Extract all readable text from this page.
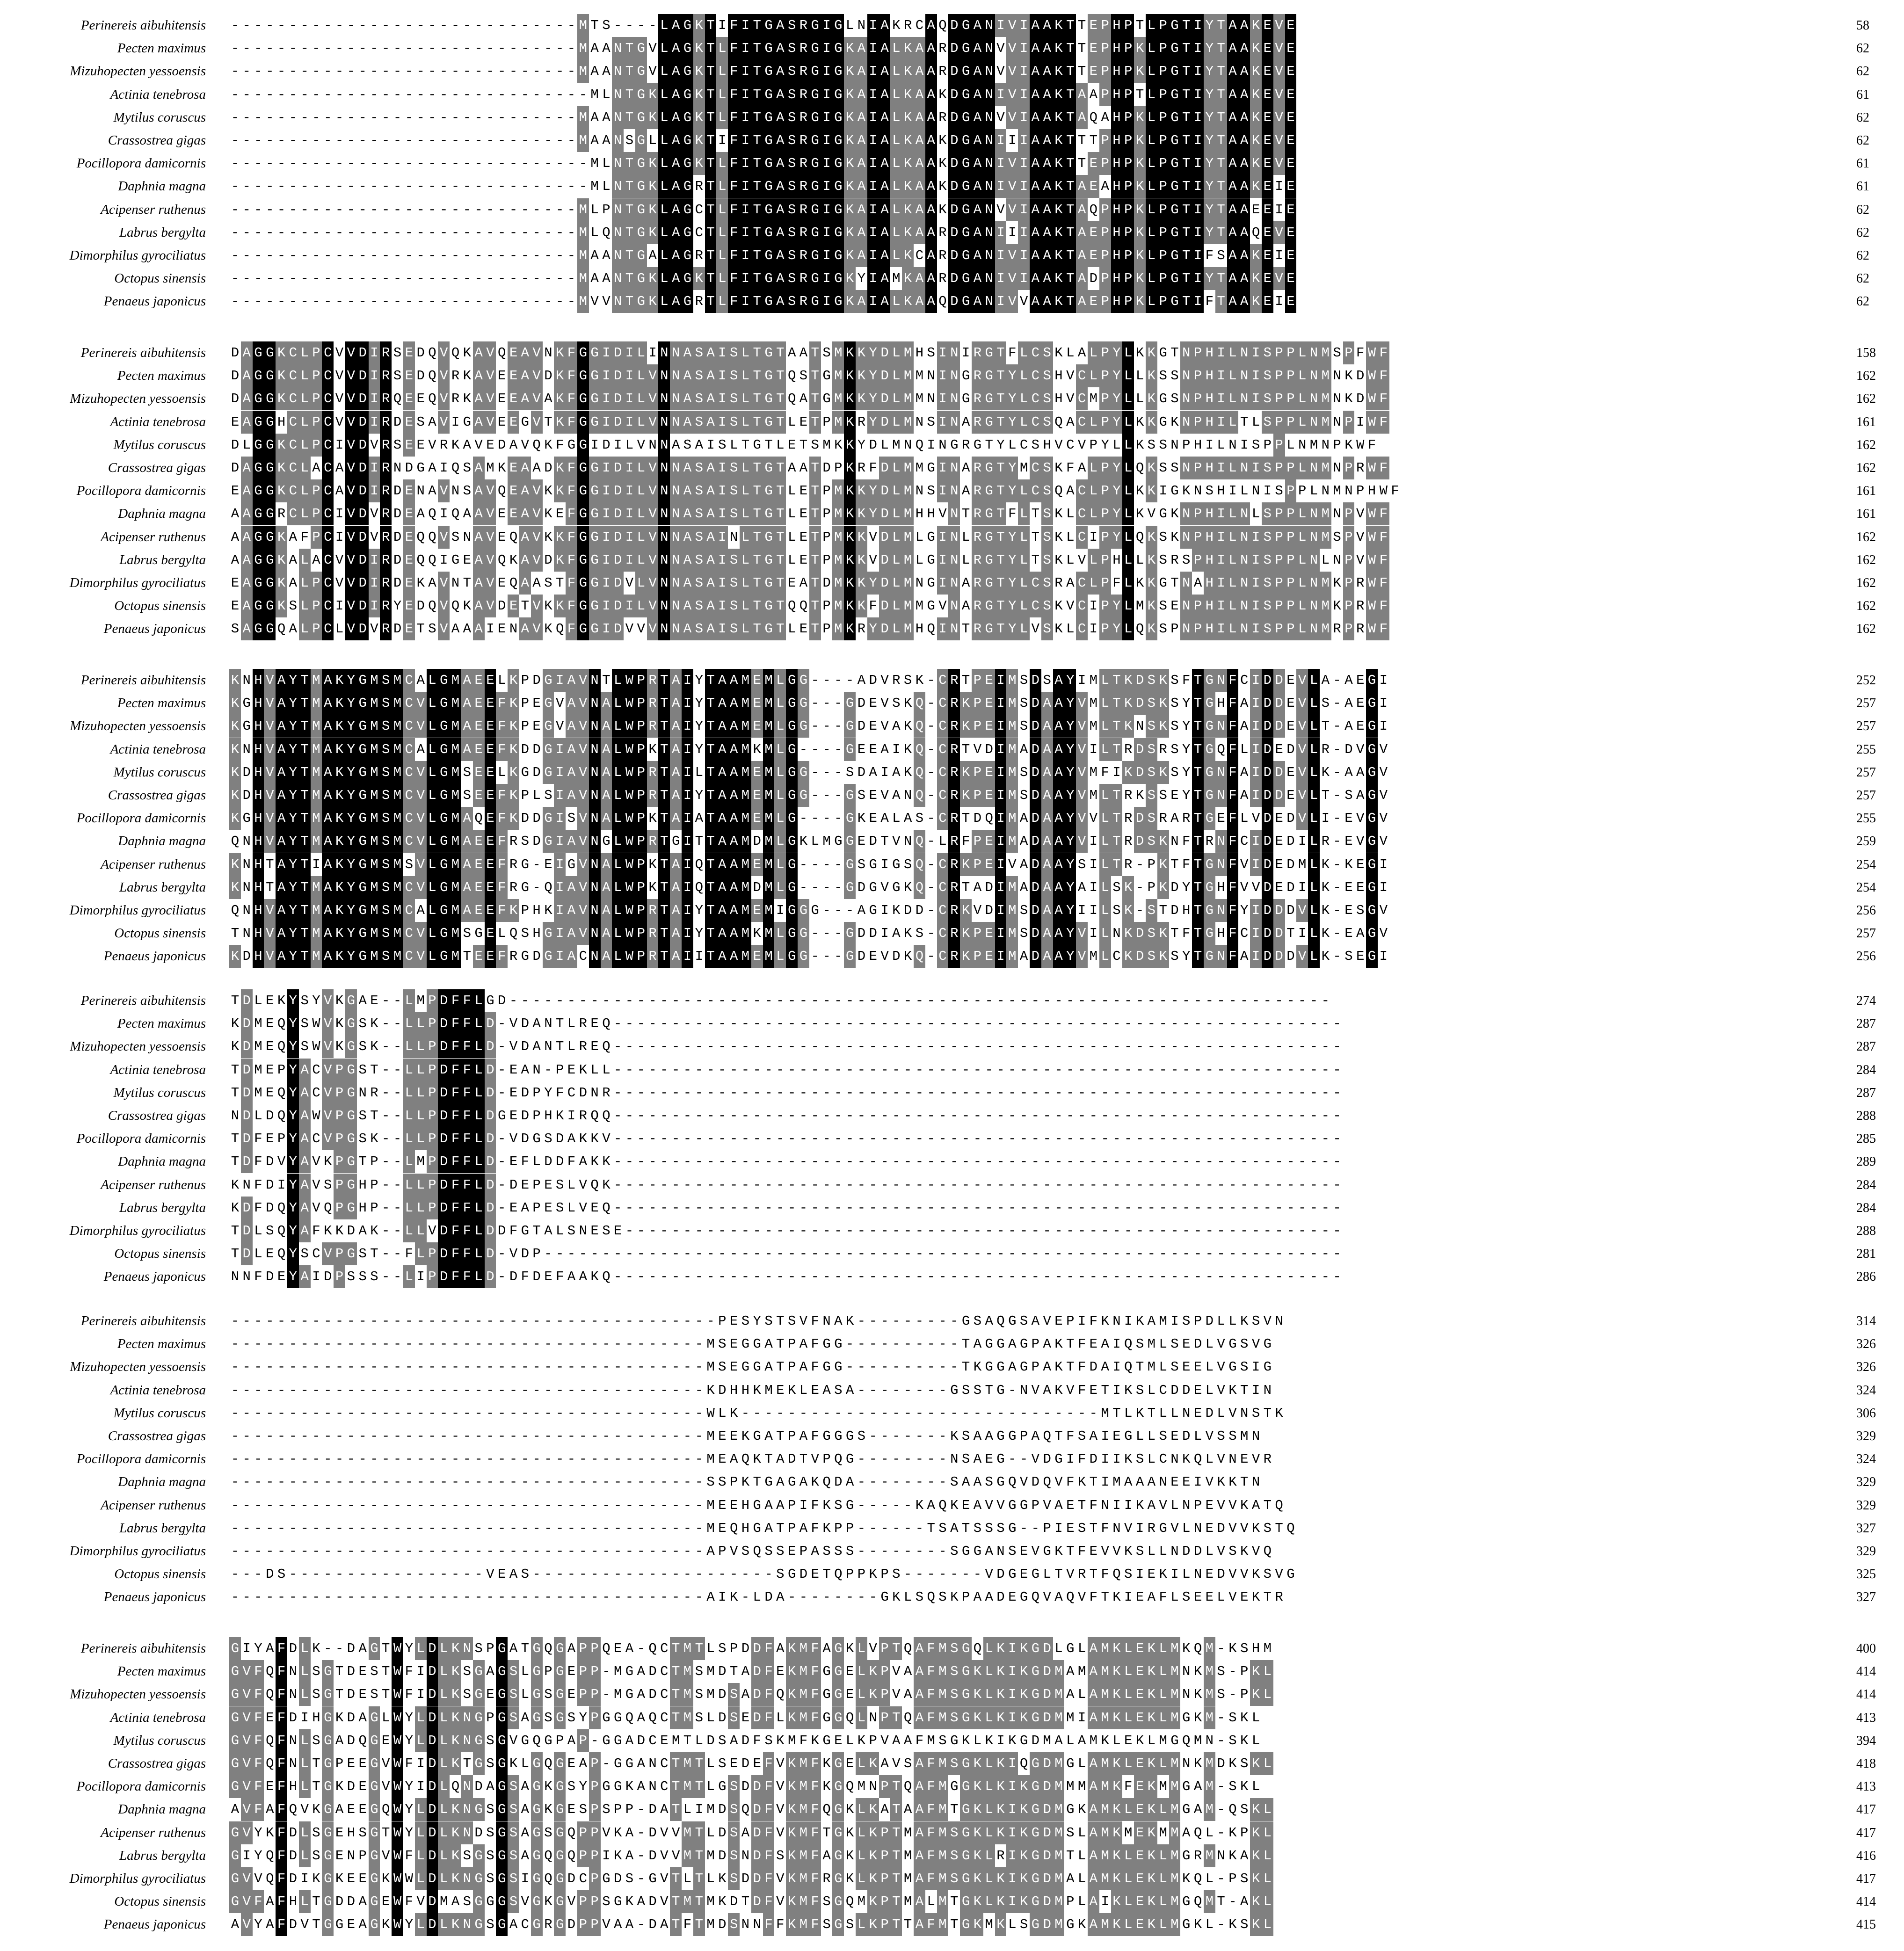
Perinereis aibuhitensis - - - - - - - - - - - - - - - - - - - - - - - - - - - - - - M T S - - - - L A G K T I F I T G A S R G I G L N I A K R C A Q D G A N I V I A A K T T E P H P T L P G T I Y T A A K E V E	58
Pecten maximus - - - - - - - - - - - - - - - - - - - - - - - - - - - - - - M A A N T G V L A G K T L F I T G A S R G I G K A I A L K A A R D G A N V V I A A K T T E P H P K L P G T I Y T A A K E V E	62
Mizuhopecten yessoensis - - - - - - - - - - - - - - - - - - - - - - - - - - - - - - M A A N T G V L A G K T L F I T G A S R G I G K A I A L K A A R D G A N V V I A A K T T E P H P K L P G T I Y T A A K E V E	62
Actinia tenebrosa - - - - - - - - - - - - - - - - - - - - - - - - - - - - - - - M L N T G K L A G K T L F I T G A S R G I G K A I A L K A A K D G A N I V I A A K T A A P H P T L P G T I Y T A A K E V E	61
Mytilus coruscus - - - - - - - - - - - - - - - - - - - - - - - - - - - - - - M A A N T G K L A G K T L F I T G A S R G I G K A I A L K A A R D G A N V V I A A K T A Q A H P K L P G T I Y T A A K E V E	62
Crassostrea gigas - - - - - - - - - - - - - - - - - - - - - - - - - - - - - - M A A N S G L L A G K T I F I T G A S R G I G K A I A L K A A K D G A N I I I A A K T T T P H P K L P G T I Y T A A K E V E	62
Pocillopora damicornis - - - - - - - - - - - - - - - - - - - - - - - - - - - - - - - M L N T G K L A G K T L F I T G A S R G I G K A I A L K A A K D G A N I V I A A K T T E P H P K L P G T I Y T A A K E V E	61
Daphnia magna - - - - - - - - - - - - - - - - - - - - - - - - - - - - - - - M L N T G K L A G R T L F I T G A S R G I G K A I A L K A A K D G A N I V I A A K T A E A H P K L P G T I Y T A A K E I E	61
Acipenser ruthenus - - - - - - - - - - - - - - - - - - - - - - - - - - - - - - M L P N T G K L A G C T L F I T G A S R G I G K A I A L K A A K D G A N V V I A A K T A Q P H P K L P G T I Y T A A E E I E	62
Labrus bergylta - - - - - - - - - - - - - - - - - - - - - - - - - - - - - - M L Q N T G K L A G C T L F I T G A S R G I G K A I A L K A A R D G A N I I I A A K T A E P H P K L P G T I Y T A A Q E V E	62
Dimorphilus gyrociliatus - - - - - - - - - - - - - - - - - - - - - - - - - - - - - - M A A N T G A L A G R T L F I T G A S R G I G K A I A L K C A R D G A N I V I A A K T A E P H P K L P G T I F S A A K E I E	62
Octopus sinensis - - - - - - - - - - - - - - - - - - - - - - - - - - - - - - M A A N T G K L A G K T L F I T G A S R G I G K Y I A M K A A R D G A N I V I A A K T A D P H P K L P G T I Y T A A K E V E	62
Penaeus japonicus - - - - - - - - - - - - - - - - - - - - - - - - - - - - - - M V V N T G K L A G R T L F I T G A S R G I G K A I A L K A A Q D G A N I V V A A K T A E P H P K L P G T I F T A A K E I E	62
Perinereis aibuhitensis D A G G K C L P C V V D I R S E D Q V Q K A V Q E A V N K F G G I D I L I N N A S A I S L T G T A A T S M K K Y D L M H S I N I R G T F L C S K L A L P Y L K K G T N P H I L N I S P P L N M S P F W F	158
Pecten maximus D A G G K C L P C V V D I R S E D Q V R K A V E E A V D K F G G I D I L V N N A S A I S L T G T Q S T G M K K Y D L M M N I N G R G T Y L C S H V C L P Y L L K S S N P H I L N I S P P L N M N K D W F	162
Mizuhopecten yessoensis D A G G K C L P C V V D I R Q E E Q V R K A V E E A V A K F G G I D I L V N N A S A I S L T G T Q A T G M K K Y D L M M N I N G R G T Y L C S H V C M P Y L L K G S N P H I L N I S P P L N M N K D W F	162
Actinia tenebrosa E A G G H C L P C V V D I R D E S A V I G A V E E G V T K F G G I D I L V N N A S A I S L T G T L E T P M K R Y D L M N S I N A R G T Y L C S Q A C L P Y L K K G K N P H I L T L S P P L N M N P I W F	161
Mytilus coruscus D L G G K C L P C I V D V R S E E V R K A V E D A V Q K F G G I D I L V N N A S A I S L T G T L E T S M K K Y D L M N Q I N G R G T Y L C S H V C V P Y L L K S S N P H I L N I S P P L N M N P K W F	162
Crassostrea gigas D A G G K C L A C A V D I R N D G A I Q S A M K E A A D K F G G I D I L V N N A S A I S L T G T A A T D P K R F D L M M G I N A R G T Y M C S K F A L P Y L Q K S S N P H I L N I S P P L N M N P R W F	162
Pocillopora damicornis E A G G K C L P C A V D I R D E N A V N S A V Q E A V K K F G G I D I L V N N A S A I S L T G T L E T P M K K Y D L M N S I N A R G T Y L C S Q A C L P Y L K K I G K N S H I L N I S P P L N M N P H W F	161
Daphnia magna A A G G R C L P C I V D V R D E A Q I Q A A V E E A V K E F G G I D I L V N N A S A I S L T G T L E T P M K K Y D L M H H V N T R G T F L T S K L C L P Y L K V G K N P H I L N L S P P L N M N P V W F	161
Acipenser ruthenus A A G G K A F P C I V D V R D E Q Q V S N A V E Q A V K K F G G I D I L V N N A S A I N L T G T L E T P M K K V D L M L G I N L R G T Y L T S K L C I P Y L Q K S K N P H I L N I S P P L N M S P V W F	162
Labrus bergylta A A G G K A L A C V V D I R D E Q Q I G E A V Q K A V D K F G G I D I L V N N A S A I S L T G T L E T P M K K V D L M L G I N L R G T Y L T S K L V L P H L L K S R S P H I L N I S P P L N L N P V W F	162
Dimorphilus gyrociliatus E A G G K A L P C V V D I R D E K A V N T A V E Q A A S T F G G I D V L V N N A S A I S L T G T E A T D M K K Y D L M N G I N A R G T Y L C S R A C L P F L K K G T N A H I L N I S P P L N M K P R W F	162
Octopus sinensis E A G G K S L P C I V D I R Y E D Q V Q K A V D E T V K K F G G I D I L V N N A S A I S L T G T Q Q T P M K K F D L M M G V N A R G T Y L C S K V C I P Y L M K S E N P H I L N I S P P L N M K P R W F	162
Penaeus japonicus S A G G Q A L P C L V D V R D E T S V A A A I E N A V K Q F G G I D V V V N N A S A I S L T G T L E T P M K R Y D L M H Q I N T R G T Y L V S K L C I P Y L Q K S P N P H I L N I S P P L N M R P R W F	162
Perinereis aibuhitensis K N H V A Y T M A K Y G M S M C A L G M A E E L K P D G I A V N T L W P R T A I Y T A A M E M L G G - - - - A D V R S K - C R T P E I M S D S A Y I M L T K D S K S F T G N F C I D D E V L A - A E G I	252
Pecten maximus K G H V A Y T M A K Y G M S M C V L G M A E E F K P E G V A V N A L W P R T A I Y T A A M E M L G G - - - G D E V S K Q - C R K P E I M S D A A Y V M L T K D S K S Y T G H F A I D D E V L S - A E G I	257
Mizuhopecten yessoensis K G H V A Y T M A K Y G M S M C V L G M A E E F K P E G V A V N A L W P R T A I Y T A A M E M L G G - - - G D E V A K Q - C R K P E I M S D A A Y V M L T K N S K S Y T G N F A I D D E V L T - A E G I	257
Actinia tenebrosa K N H V A Y T M A K Y G M S M C A L G M A E E F K D D G I A V N A L W P K T A I Y T A A M K M L G - - - - G E E A I K Q - C R T V D I M A D A A Y V I L T R D S R S Y T G Q F L I D E D V L R - D V G V	255
Mytilus coruscus K D H V A Y T M A K Y G M S M C V L G M S E E L K G D G I A V N A L W P R T A I L T A A M E M L G G - - - S D A I A K Q - C R K P E I M S D A A Y V M F I K D S K S Y T G N F A I D D E V L K - A A G V	257
Crassostrea gigas K D H V A Y T M A K Y G M S M C V L G M S E E F K P L S I A V N A L W P R T A I Y T A A M E M L G G - - - G S E V A N Q - C R K P E I M S D A A Y V M L T R K S S E Y T G N F A I D D E V L T - S A G V	257
Pocillopora damicornis K G H V A Y T M A K Y G M S M C V L G M A Q E F K D D G I S V N A L W P K T A I A T A A M E M L G - - - - G K E A L A S - C R T D Q I M A D A A Y V V L T R D S R A R T G E F L V D E D V L I - E V G V	255
Daphnia magna Q N H V A Y T M A K Y G M S M C V L G M A E E F R S D G I A V N G L W P R T G I T T A A M D M L G K L M G G E D T V N Q - L R F P E I M A D A A Y V I L T R D S K N F T R N F C I D E D I L R - E V G V	259
Acipenser ruthenus K N H T A Y T I A K Y G M S M S V L G M A E E F R G - E I G V N A L W P K T A I Q T A A M E M L G - - - - G S G I G S Q - C R K P E I V A D A A Y S I L T R - P K T F T G N F V I D E D M L K - K E G I	254
Labrus bergylta K N H T A Y T M A K Y G M S M C V L G M A E E F R G - Q I A V N A L W P K T A I Q T A A M D M L G - - - - G D G V G K Q - C R T A D I M A D A A Y A I L S K - P K D Y T G H F V V D E D I L K - E E G I	254
Dimorphilus gyrociliatus Q N H V A Y T M A K Y G M S M C A L G M A E E F K P H K I A V N A L W P R T A I Y T A A M E M I G G G - - - A G I K D D - C R K V D I M S D A A Y I I L S K - S T D H T G N F Y I D D D V L K - E S G V	256
Octopus sinensis T N H V A Y T M A K Y G M S M C V L G M S G E L Q S H G I A V N A L W P R T A I Y T A A M K M L G G - - - G D D I A K S - C R K P E I M S D A A Y V I L N K D S K T F T G H F C I D D T I L K - E A G V	257
Penaeus japonicus K D H V A Y T M A K Y G M S M C V L G M T E E F R G D G I A C N A L W P R T A I I T A A M E M L G G - - - G D E V D K Q - C R K P E I M A D A A Y V M L C K D S K S Y T G N F A I D D D V L K - S E G I	256
Perinereis aibuhitensis T D L E K Y S Y V K G A E - - L M P D F F L G D - - - - - - - - - - - - - - - - - - - - - - - - - - - - - - - - - - - - - - - - - - - - - - - - - - - - - - - - - - - - - - - - - - - - - - -	274
Pecten maximus K D M E Q Y S W V K G S K - - L L P D F F L D - V D A N T L R E Q - - - - - - - - - - - - - - - - - - - - - - - - - - - - - - - - - - - - - - - - - - - - - - - - - - - - - - - - - - - - - - -	287
Mizuhopecten yessoensis K D M E Q Y S W V K G S K - - L L P D F F L D - V D A N T L R E Q - - - - - - - - - - - - - - - - - - - - - - - - - - - - - - - - - - - - - - - - - - - - - - - - - - - - - - - - - - - - - - -	287
Actinia tenebrosa T D M E P Y A C V P G S T - - L L P D F F L D - E A N - P E K L L - - - - - - - - - - - - - - - - - - - - - - - - - - - - - - - - - - - - - - - - - - - - - - - - - - - - - - - - - - - - - - -	284
Mytilus coruscus T D M E Q Y A C V P G N R - - L L P D F F L D - E D P Y F C D N R - - - - - - - - - - - - - - - - - - - - - - - - - - - - - - - - - - - - - - - - - - - - - - - - - - - - - - - - - - - - - - -	287
Crassostrea gigas N D L D Q Y A W V P G S T - - L L P D F F L D G E D P H K I R Q Q - - - - - - - - - - - - - - - - - - - - - - - - - - - - - - - - - - - - - - - - - - - - - - - - - - - - - - - - - - - - - - -	288
Pocillopora damicornis T D F E P Y A C V P G S K - - L L P D F F L D - V D G S D A K K V - - - - - - - - - - - - - - - - - - - - - - - - - - - - - - - - - - - - - - - - - - - - - - - - - - - - - - - - - - - - - - -	285
Daphnia magna T D F D V Y A V K P G T P - - L M P D F F L D - E F L D D F A K K - - - - - - - - - - - - - - - - - - - - - - - - - - - - - - - - - - - - - - - - - - - - - - - - - - - - - - - - - - - - - - -	289
Acipenser ruthenus K N F D I Y A V S P G H P - - L L P D F F L D - D E P E S L V Q K - - - - - - - - - - - - - - - - - - - - - - - - - - - - - - - - - - - - - - - - - - - - - - - - - - - - - - - - - - - - - - -	284
Labrus bergylta K D F D Q Y A V Q P G H P - - L L P D F F L D - E A P E S L V E Q - - - - - - - - - - - - - - - - - - - - - - - - - - - - - - - - - - - - - - - - - - - - - - - - - - - - - - - - - - - - - - -	284
Dimorphilus gyrociliatus T D L S Q Y A F K K D A K - - L L V D F F L D D F G T A L S N E S E - - - - - - - - - - - - - - - - - - - - - - - - - - - - - - - - - - - - - - - - - - - - - - - - - - - - - - - - - - - - - -	288
Octopus sinensis T D L E Q Y S C V P G S T - - F L P D F F L D - V D P - - - - - - - - - - - - - - - - - - - - - - - - - - - - - - - - - - - - - - - - - - - - - - - - - - - - - - - - - - - - - - - - - - - - -	281
Penaeus japonicus N N F D E Y A I D P S S S - - L I P D F F L D - D F D E F A A K Q - - - - - - - - - - - - - - - - - - - - - - - - - - - - - - - - - - - - - - - - - - - - - - - - - - - - - - - - - - - - - - -	286
Perinereis aibuhitensis - - - - - - - - - - - - - - - - - - - - - - - - - - - - - - - - - - - - - - - - - - P E S Y S T S V F N A K - - - - - - - - - G S A Q G S A V E P I F K N I K A M I S P D L L K S V N	314
Pecten maximus - - - - - - - - - - - - - - - - - - - - - - - - - - - - - - - - - - - - - - - - - M S E G G A T P A F G G - - - - - - - - - - T A G G A G P A K T F E A I Q S M L S E D L V G S V G	326
Mizuhopecten yessoensis - - - - - - - - - - - - - - - - - - - - - - - - - - - - - - - - - - - - - - - - - M S E G G A T P A F G G - - - - - - - - - - T K G G A G P A K T F D A I Q T M L S E E L V G S I G	326
Actinia tenebrosa - - - - - - - - - - - - - - - - - - - - - - - - - - - - - - - - - - - - - - - - - K D H H K M E K L E A S A - - - - - - - - G S S T G - N V A K V F E T I K S L C D D E L V K T I N	324
Mytilus coruscus - - - - - - - - - - - - - - - - - - - - - - - - - - - - - - - - - - - - - - - - - W L K - - - - - - - - - - - - - - - - - - - - - - - - - - - - - - - M T L K T L L N E D L V N S T K	306
Crassostrea gigas - - - - - - - - - - - - - - - - - - - - - - - - - - - - - - - - - - - - - - - - - M E E K G A T P A F G G G S - - - - - - - K S A A G G P A Q T F S A I E G L L S E D L V S S M N	329
Pocillopora damicornis - - - - - - - - - - - - - - - - - - - - - - - - - - - - - - - - - - - - - - - - - M E A Q K T A D T V P Q G - - - - - - - - N S A E G - - V D G I F D I I K S L C N K Q L V N E V R	324
Daphnia magna - - - - - - - - - - - - - - - - - - - - - - - - - - - - - - - - - - - - - - - - - S S P K T G A G A K Q D A - - - - - - - - S A A S G Q V D Q V F K T I M A A A N E E I V K K T N	329
Acipenser ruthenus - - - - - - - - - - - - - - - - - - - - - - - - - - - - - - - - - - - - - - - - - M E E H G A A P I F K S G - - - - - K A Q K E A V V G G P V A E T F N I I K A V L N P E V V K A T Q	329
Labrus bergylta - - - - - - - - - - - - - - - - - - - - - - - - - - - - - - - - - - - - - - - - - M E Q H G A T P A F K P P - - - - - - T S A T S S S G - - P I E S T F N V I R G V L N E D V V K S T Q	327
Dimorphilus gyrociliatus - - - - - - - - - - - - - - - - - - - - - - - - - - - - - - - - - - - - - - - - - A P V S Q S S E P A S S S - - - - - - - - S G G A N S E V G K T F E V V K S L L N D D L V S K V Q	329
Octopus sinensis - - - D S - - - - - - - - - - - - - - - - - V E A S - - - - - - - - - - - - - - - - - - - - - S G D E T Q P P K P S - - - - - - - V D G E G L T V R T F Q S I E K I L N E D V V K S V G	325
Penaeus japonicus - - - - - - - - - - - - - - - - - - - - - - - - - - - - - - - - - - - - - - - - - A I K - L D A - - - - - - - - G K L S Q S K P A A D E G Q V A Q V F T K I E A F L S E E L V E K T R	327
Perinereis aibuhitensis G I Y A F D L K - - D A G T W Y L D L K N S P G A T G Q G A P P Q E A - Q C T M T L S P D D F A K M F A G K L V P T Q A F M S G Q L K I K G D L G L A M K L E K L M K Q M - K S H M	400
Pecten maximus G V F Q F N L S G T D E S T W F I D L K S G A G S L G P G E P P - M G A D C T M S M D T A D F E K M F G G E L K P V A A F M S G K L K I K G D M A M A M K L E K L M N K M S - P K L	414
Mizuhopecten yessoensis G V F Q F N L S G T D E S T W F I D L K S G E G S L G S G E P P - M G A D C T M S M D S A D F Q K M F G G E L K P V A A F M S G K L K I K G D M A L A M K L E K L M N K M S - P K L	414
Actinia tenebrosa G V F E F D I H G K D A G L W Y L D L K N G P G S A G S G S Y P G G Q A Q C T M S L D S E D F L K M F G G Q L N P T Q A F M S G K L K I K G D M M I A M K L E K L M G K M - S K L	413
Mytilus coruscus G V F Q F N L S G A D Q G E W Y L D L K N G S G V G Q G P A P - G G A D C E M T L D S A D F S K M F K G E L K P V A A F M S G K L K I K G D M A L A M K L E K L M G Q M N - S K L	394
Crassostrea gigas G V F Q F N L T G P E E G V W F I D L K T G S G K L G Q G E A P - G G A N C T M T L S E D E F V K M F K G E L K A V S A F M S G K L K I Q G D M G L A M K L E K L M N K M D K S K L	418
Pocillopora damicornis G V F E F H L T G K D E G V W Y I D L Q N D A G S A G K G S Y P G G K A N C T M T L G S D D F V K M F K G Q M N P T Q A F M G G K L K I K G D M M M A M K F E K M M G A M - S K L	413
Daphnia magna A V F A F Q V K G A E E G Q W Y L D L K N G S G S A G K G E S P S P P - D A T L I M D S Q D F V K M F Q G K L K A T A A F M T G K L K I K G D M G K A M K L E K L M G A M - Q S K L	417
Acipenser ruthenus G V Y K F D L S G E H S G T W Y L D L K N D S G S A G S G Q P P V K A - D V V M T L D S A D F V K M F T G K L K P T M A F M S G K L K I K G D M S L A M K M E K M M A Q L - K P K L	417
Labrus bergylta G I Y Q F D L S G E N P G V W F L D L K S G S G S A G Q G Q P P I K A - D V V M T M D S N D F S K M F A G K L K P T M A F M S G K L R I K G D M T L A M K L E K L M G R M N K A K L	416
Dimorphilus gyrociliatus G V V Q F D I K G K E E G K W W L D L K N G S G S I G Q G D C P G D S - G V T L T L K S D D F V K M F R G K L K P T M A F M S G K L K I K G D M A L A M K L E K L M K Q L - P S K L	417
Octopus sinensis G V F A F H L T G D D A G E W F V D M A S G G G S V G K G V P P S G K A D V T M T M K D T D F V K M F S G Q M K P T M A L M T G K L K I K G D M P L A I K L E K L M G Q M T - A K L	414
Penaeus japonicus A V Y A F D V T G G E A G K W Y L D L K N G S G A C G R G D P P V A A - D A T F T M D S N N F F K M F S G S L K P T T A F M T G K M K L S G D M G K A M K L E K L M G K L - K S K L	415
